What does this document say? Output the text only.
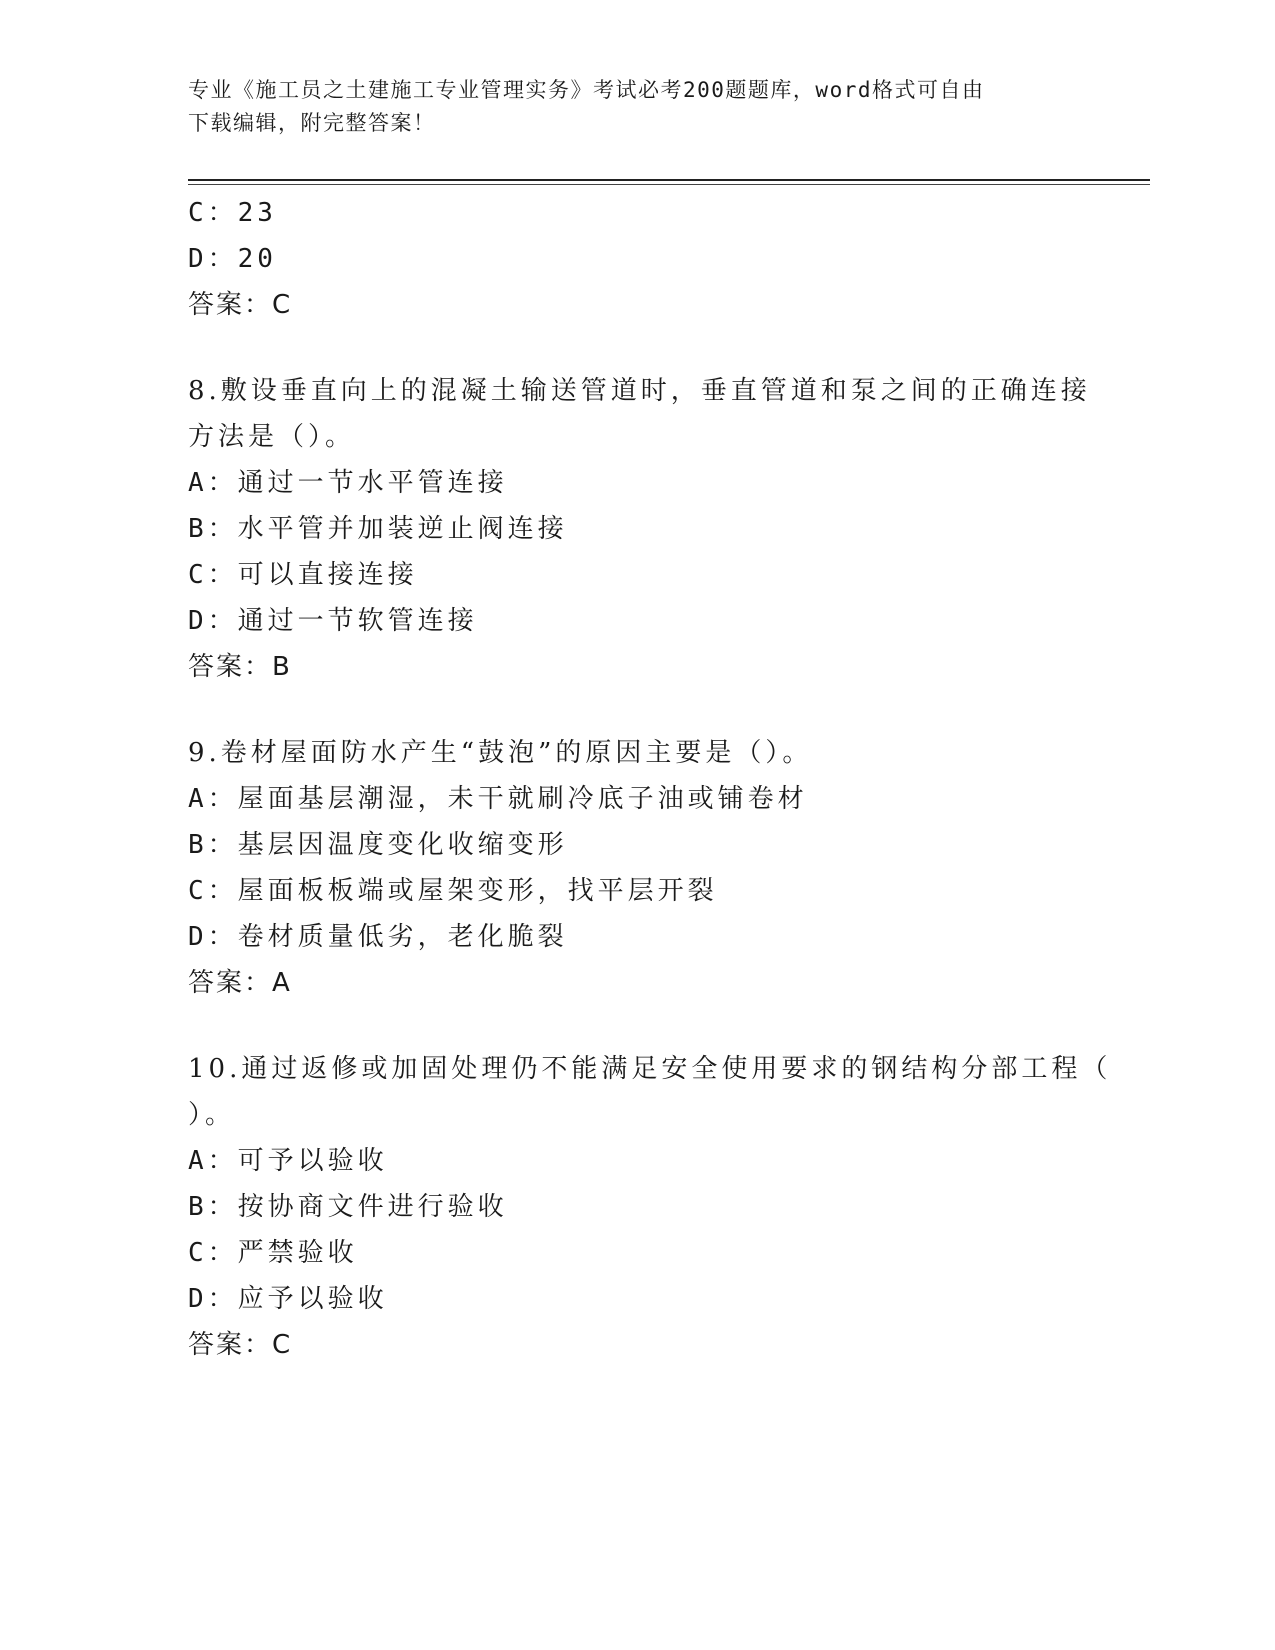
专业《施工员之土建施工专业管理实务》考试必考200题题库，word格式可自由
下载编辑，附完整答案！
C：23
D：20
答案：C
8.敷设垂直向上的混凝土输送管道时，垂直管道和泵之间的正确连接
方法是（）。
A：通过一节水平管连接
B：水平管并加装逆止阀连接
C：可以直接连接
D：通过一节软管连接
答案：B
9.卷材屋面防水产生“鼓泡”的原因主要是（）。
A：屋面基层潮湿，未干就刷冷底子油或铺卷材
B：基层因温度变化收缩变形
C：屋面板板端或屋架变形，找平层开裂
D：卷材质量低劣，老化脆裂
答案：A
10.通过返修或加固处理仍不能满足安全使用要求的钢结构分部工程（
）。
A：可予以验收
B：按协商文件进行验收
C：严禁验收
D：应予以验收
答案：C
